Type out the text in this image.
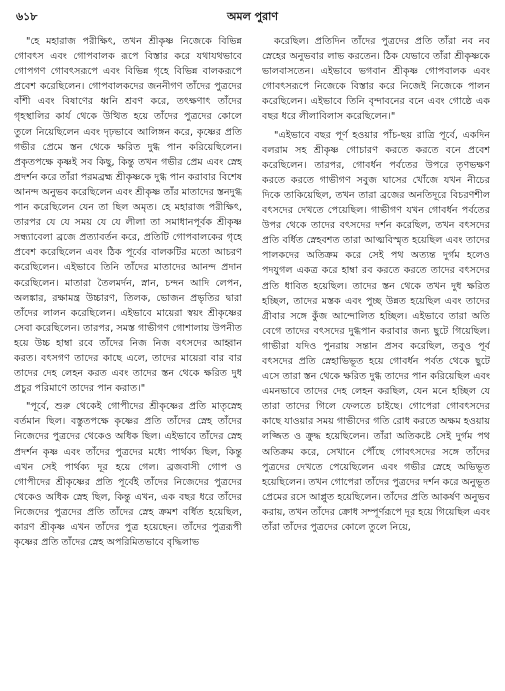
৬১৮	অমল পুরাণ

"হে মহারাজ পরীক্ষিৎ, তখন শ্রীকৃষ্ণ নিজেকে বিভিন্ন গোবৎস এবং গোপবালক রূপে বিস্তার করে যথাযথভাবে গোপগণ গোবৎসরূপে এবং বিভিন্ন গৃহে বিভিন্ন বালকরূপে প্রবেশ করেছিলেন। গোপবালকদের জননীগণ তাঁদের পুত্রদের বাঁশী এবং বিষাণের ধ্বনি শ্রবণ করে, তৎক্ষণাৎ তাঁদের গৃহস্থালির কার্য থেকে উত্থিত হয়ে তাঁদের পুত্রদের কোলে তুলে নিয়েছিলেন এবং দৃঢ়ভাবে আলিঙ্গন করে, কৃষ্ণের প্রতি গভীর প্রেমে স্তন থেকে ক্ষরিত দুগ্ধ পান করিয়েছিলেন। প্রকৃতপক্ষে কৃষ্ণই সব কিছু, কিন্তু তখন গভীর প্রেম এবং স্নেহ প্রদর্শন করে তাঁরা পরমব্রহ্ম শ্রীকৃষ্ণকে দুগ্ধ পান করাবার বিশেষ আনন্দ অনুভব করেছিলেন এবং শ্রীকৃষ্ণ তাঁর মাতাদের স্তনদুগ্ধ পান করেছিলেন যেন তা ছিল অমৃত। হে মহারাজ পরীক্ষিৎ, তারপর যে যে সময় যে যে লীলা তা সমাধানপূর্বক শ্রীকৃষ্ণ সন্ধ্যাবেলা ব্রজে প্রত্যাবর্তন করে, প্রতিটি গোপবালকের গৃহে প্রবেশ করেছিলেন এবং ঠিক পূর্বের বালকটির মতো আচরণ করেছিলেন। এইভাবে তিনি তাঁদের মাতাদের আনন্দ প্রদান করেছিলেন। মাতারা তৈলমর্দন, স্নান, চন্দন আদি লেপন, অলঙ্কার, রক্ষামন্ত্র উচ্চারণ, তিলক, ভোজন প্রভৃতির দ্বারা তাঁদের লালন করেছিলেন। এইভাবে মায়েরা স্বয়ং শ্রীকৃষ্ণের সেবা করেছিলেন। তারপর, সমস্ত গাভীগণ গোশালায় উপনীত হয়ে উচ্চ হাম্বা রবে তাঁদের নিজ নিজ বৎসদের আহ্বান করত। বৎসগণ তাদের কাছে এলে, তাদের মায়েরা বার বার তাদের দেহ লেহন করত এবং তাদের স্তন থেকে ক্ষরিত দুধ প্রচুর পরিমাণে তাদের পান করাত।"

"পূর্বে, শুরু থেকেই গোপীদের শ্রীকৃষ্ণের প্রতি মাতৃস্নেহ বর্তমান ছিল। বস্তুতপক্ষে কৃষ্ণের প্রতি তাঁদের স্নেহ তাঁদের নিজেদের পুত্রদের থেকেও অধিক ছিল। এইভাবে তাঁদের স্নেহ প্রদর্শন কৃষ্ণ এবং তাঁদের পুত্রদের মধ্যে পার্থক্য ছিল, কিন্তু এখন সেই পার্থক্য দূর হয়ে গেল। ব্রজবাসী গোপ ও গোপীদের শ্রীকৃষ্ণের প্রতি পূর্বেই তাঁদের নিজেদের পুত্রদের থেকেও অধিক স্নেহ ছিল, কিন্তু এখন, এক বছর ধরে তাঁদের নিজেদের পুত্রদের প্রতি তাঁদের স্নেহ ক্রমশ বর্ধিত হয়েছিল, কারণ শ্রীকৃষ্ণ এখন তাঁদের পুত্র হয়েছেন। তাঁদের পুত্ররূপী কৃষ্ণের প্রতি তাঁদের স্নেহ অপরিমিতভাবে বৃদ্ধিলাভ

করেছিল। প্রতিদিন তাঁদের পুত্রদের প্রতি তাঁরা নব নব স্নেহের অনুভবার লাভ করতেন। ঠিক যেভাবে তাঁরা শ্রীকৃষ্ণকে ভালবাসতেন। এইভাবে ভগবান শ্রীকৃষ্ণ গোপবালক এবং গোবৎসরূপে নিজেকে বিস্তার করে নিজেই নিজেকে পালন করেছিলেন। এইভাবে তিনি বৃন্দাবনের বনে এবং গোষ্ঠে এক বছর ধরে লীলাবিলাস করেছিলেন।"

"এইভাবে বছর পূর্ণ হওয়ার পাঁচ-ছয় রাত্রি পূর্বে, একদিন বলরাম সহ শ্রীকৃষ্ণ গোচারণ করতে করতে বনে প্রবেশ করেছিলেন। তারপর, গোবর্ধন পর্বতের উপরে তৃণভক্ষণ করতে করতে গাভীগণ সবুজ ঘাসের খোঁজে যখন নীচের দিকে তাকিয়েছিল, তখন তারা ব্রজের অনতিদূরে বিচরণশীল বৎসদের দেখতে পেয়েছিল। গাভীগণ যখন গোবর্ধন পর্বতের উপর থেকে তাদের বৎসদের দর্শন করেছিল, তখন বৎসদের প্রতি বর্ধিত স্নেহবশত তারা আত্মবিস্মৃত হয়েছিল এবং তাদের পালকদের অতিক্রম করে সেই পথ অত্যন্ত দুর্গম হলেও পদযুগল একত্র করে হাম্বা রব করতে করতে তাদের বৎসদের প্রতি ধাবিত হয়েছিল। তাদের স্তন থেকে তখন দুধ ক্ষরিত হচ্ছিল, তাদের মস্তক এবং পুচ্ছ উন্নত হয়েছিল এবং তাদের গ্রীবার সঙ্গে কুঁজ আন্দোলিত হচ্ছিল। এইভাবে তারা অতি বেগে তাদের বৎসদের দুগ্ধপান করাবার জন্য ছুটে গিয়েছিল। গাভীরা যদিও পুনরায় সন্তান প্রসব করেছিল, তবুও পূর্ব বৎসদের প্রতি স্নেহাভিভূত হয়ে গোবর্ধন পর্বত থেকে ছুটে এসে তারা স্তন থেকে ক্ষরিত দুগ্ধ তাদের পান করিয়েছিল এবং এমনভাবে তাদের দেহ লেহন করছিল, যেন মনে হচ্ছিল যে তারা তাদের গিলে ফেলতে চাইছে। গোপেরা গোবৎসদের কাছে যাওয়ার সময় গাভীদের গতি রোধ করতে অক্ষম হওয়ায় লজ্জিত ও ক্রুদ্ধ হয়েছিলেন। তাঁরা অতিকষ্টে সেই দুর্গম পথ অতিক্রম করে, সেখানে পৌঁছে গোবৎসদের সঙ্গে তাঁদের পুত্রদের দেখতে পেয়েছিলেন এবং গভীর স্নেহে অভিভূত হয়েছিলেন। তখন গোপেরা তাঁদের পুত্রদের দর্শন করে অনুভূত প্রেমের রসে আপ্লুত হয়েছিলেন। তাঁদের প্রতি আকর্ষণ অনুভব করায়, তখন তাঁদের ক্রোধ সম্পূর্ণরূপে দূর হয়ে গিয়েছিল এবং তাঁরা তাঁদের পুত্রদের কোলে তুলে নিয়ে,
